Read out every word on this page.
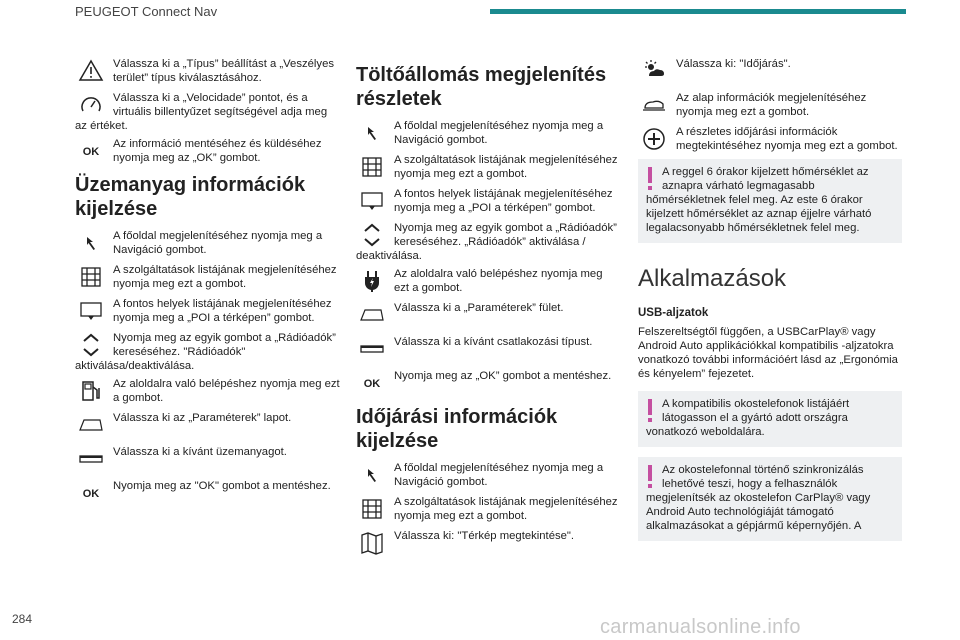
PEUGEOT Connect Nav
Válassza ki a „Típus” beállítást a „Veszélyes terület” típus kiválasztásához.
Válassza ki a „Velocidade” pontot, és a virtuális billentyűzet segítségével adja meg az értéket.
OK
Az információ mentéséhez és küldéséhez nyomja meg az „OK” gombot.
Üzemanyag információk kijelzése
A főoldal megjelenítéséhez nyomja meg a Navigáció gombot.
A szolgáltatások listájának megjelenítéséhez nyomja meg ezt a gombot.
A fontos helyek listájának megjelenítéséhez nyomja meg a „POI a térképen” gombot.
Nyomja meg az egyik gombot a „Rádióadók” kereséséhez. "Rádióadók" aktiválása/deaktiválása.
Az aloldalra való belépéshez nyomja meg ezt a gombot.
Válassza ki az „Paraméterek” lapot.
Válassza ki a kívánt üzemanyagot.
OK
Nyomja meg az "OK" gombot a mentéshez.
Töltőállomás megjelenítés részletek
A főoldal megjelenítéséhez nyomja meg a Navigáció gombot.
A szolgáltatások listájának megjelenítéséhez nyomja meg ezt a gombot.
A fontos helyek listájának megjelenítéséhez nyomja meg a „POI a térképen” gombot.
Nyomja meg az egyik gombot a „Rádióadók” kereséséhez. „Rádióadók” aktiválása / deaktiválása.
Az aloldalra való belépéshez nyomja meg ezt a gombot.
Válassza ki a „Paraméterek” fület.
Válassza ki a kívánt csatlakozási típust.
OK
Nyomja meg az „OK” gombot a mentéshez.
Időjárási információk kijelzése
A főoldal megjelenítéséhez nyomja meg a Navigáció gombot.
A szolgáltatások listájának megjelenítéséhez nyomja meg ezt a gombot.
Válassza ki: "Térkép megtekintése".
Válassza ki: "Időjárás".
Az alap információk megjelenítéséhez nyomja meg ezt a gombot.
A részletes időjárási információk megtekintéséhez nyomja meg ezt a gombot.
A reggel 6 órakor kijelzett hőmérséklet az aznapra várható legmagasabb hőmérsékletnek felel meg. Az este 6 órakor kijelzett hőmérséklet az aznap éjjelre várható legalacsonyabb hőmérsékletnek felel meg.
Alkalmazások
USB-aljzatok
Felszereltségtől függően, a USBCarPlay® vagy Android Auto applikációkkal kompatibilis -aljzatokra vonatkozó további információért lásd az „Ergonómia és kényelem” fejezetet.
A kompatibilis okostelefonok listájáért látogasson el a gyártó adott országra vonatkozó weboldalára.
Az okostelefonnal történő szinkronizálás lehetővé teszi, hogy a felhasználók megjelenítsék az okostelefon CarPlay® vagy Android Auto technológiáját támogató alkalmazásokat a gépjármű képernyőjén. A
284	carmanualsonline.info
